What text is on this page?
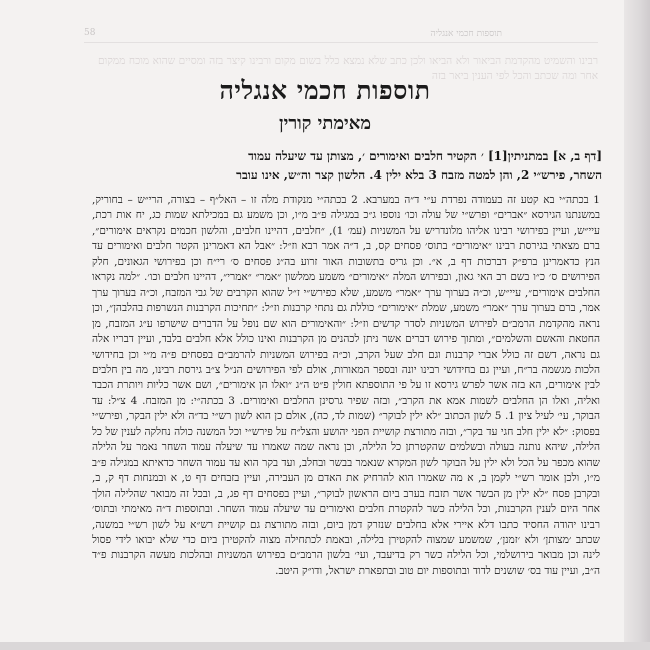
58	תוספות חכמי אנגליה
רבינו והשמיט מהקדמת הביאור ולא הביאו ולכן כתב שלא נמצא כלל בשום מקום ורבינו קיצר בזה ומסיים שהוא מוכח ממקום אחר ומה שכתב והכל לפי הענין ביאר בזה
תוספות חכמי אנגליה
מאימתי קורין
[דף ב, א] במתניתין[1] ׳ הקטיר חלבים ואימורים ׳, מצותן עד שיעלה עמוד
השחר, פירש״י 2, והן למטה מזבח 3 בלא ילין 4. הלשון קצר וה״ש, אינו עובר

1 בכתה״י בא קטע זה בעמודה נפרדת ע״י ד״ה במערבא. 2 בכתה״י מנקודת מלה זו – האל״ף – בצורה, הרי״ש – בחוריק, במשנתנו הגירסא ״אברים״ ופרש״י של עולה וכו׳ נוספו ג״כ במגילה פ״ב מ״ו, וכן משמע גם במכילתא שמות כג, יח אות רכת, עיי״ש, ועיין בפירושי רבינו אליהו מלונדריש על המשניות (עמ׳ 1), ״חלבים, דהיינו חלבים, והלשון חכמים נקראים אימורים״, ברם מצאתי בגירסת רבינו ״אימורים״ בתוס׳ פסחים קס, ב, ד״ה אמר רבא וז״ל: ״אבל הא דאמרינן הקטר חלבים ואימורים עד הנץ כדאמרינן ברפ״ק דברכות דף ב, א״. וכן גריס בתשובות האור זרוע בה״ג פסחים ס׳ רי״ח וכן בפירושי הגאונים, חלק הפירושים ס׳ כ״ו בשם רב האי גאון, ובפירוש המלה ״אימורים״ משמע ממלשון ״אמר״ ״אמרי״, דהיינו חלבים וכו׳. ״למה נקראו החלבים אימורים״, עיי״ש, וכ״ה בערוך ערך ״אמר״ משמע, שלא כפירש״י ז״ל שהוא הקרבים של גבי המזבח, וכ״ה בערוך ערך אמר, ברם בערוך ערך ״אמר״ משמע, שמלת ״אימורים״ כוללת גם נתחי קרבנות וז״ל: ״תחיכות הקרבנות הנשרפות בהלבהן״, וכן נראה מהקדמת הרמב״ם לפירוש המשניות לסדר קדשים וז״ל: ״והאימורים הוא שם נופל על הדברים שישרפו ע״ג המזבח, מן החטאת והאשם והשלמים״, ומתוך פירוש דברים אשר ניתן לכהנים מן הקרבנות ואינו כולל אלא חלבים בלבד, ועיין דבריו אלה גם נראה, דשם זה כולל אברי קרבנות וגם חלב שעל הקרב, וכ״ה בפירוש המשניות להרמב״ם בפסחים פ״ה מ״י וכן בחידושי הלכות מגשמה בר״ח, ועיין גם בחידושי רבינו יונה ובספר המאורות, אולם לפי הפירושים הנ״ל צ״ב גירסת רבינו, מה בין חלבים לבין אימורים, הא בזה אשר לפרש גירסא זו על פי התוספתא חולין פ״ט ה״ג ״ואלו הן אימורים״, ושם אשר כליות ויותרת הכבד ואליה, ואלו הן החלבים לשמות אמא את הקרב״, ובזה שפיר גרסינן החלבים ואימורים. 3 בכתה״י: מן המזבח. 4 צ״ל: עד הבוקר, עי׳ לעיל ציון 1. 5 לשון הכתוב ״לא ילין לבוקר״ (שמות לד, כה), אולם כן הוא לשון רש״י בד״ה ולא ילין הבקר, ופירש״י בפסוק: ״לא ילין חלב חגי עד בקר״, ובזה מתורצת קושיית הפני יהושע והצל״ח על פירש״י וכל המשנה כולה נחלקה לענין של כל הלילה, שיהא נותנה בעולה ובשלמים שהקטרתן כל הלילה, וכן נראה שמה שאמרו עד שיעלה עמוד השחר נאמר על הלילה שהוא מכפר על הכל ולא ילין על הבוקר לשון המקרא שנאמר בבשר ובחלב, ועד בקר הוא עד עמוד השחר כדאיתא במגילה פ״ב מ״ו, ולכן אומר רש״י לקמן ב, א מה שאמרו הוא להרחיק את האדם מן העבירה, ועיין בזבחים דף ט, א ובמנחות דף ק, ב, ובקרבן פסח ״לא ילין מן הבשר אשר תזבח בערב ביום הראשון לבוקר״, ועיין בפסחים דף פג, ב, ובכל זה מבואר שהלילה הולך אחר היום לענין הקרבנות, וכל הלילה כשר להקטרת חלבים ואימורים עד שיעלה עמוד השחר. ובתוספות ד״ה מאימתי ובתוס׳ רבינו יהודה החסיד כתבו דלא איירי אלא בחלבים שנזרק דמן ביום, ובזה מתורצת גם קושיית רש״א על לשון רש״י במשנה, שכתב ׳מצותן׳ ולא ׳זמנן׳, שמשמע שמצוה להקטירן בלילה, ובאמת לכתחילה מצוה להקטירן ביום כדי שלא יבואו לידי פסול לינה וכן מבואר בירושלמי, וכל הלילה כשר רק בדיעבד, ועי׳ בלשון הרמב״ם בפירוש המשניות ובהלכות מעשה הקרבנות פ״ד ה״ב, ועיין עוד בס׳ שושנים לדוד ובתוספות יום טוב ובתפארת ישראל, ודו״ק היטב.
